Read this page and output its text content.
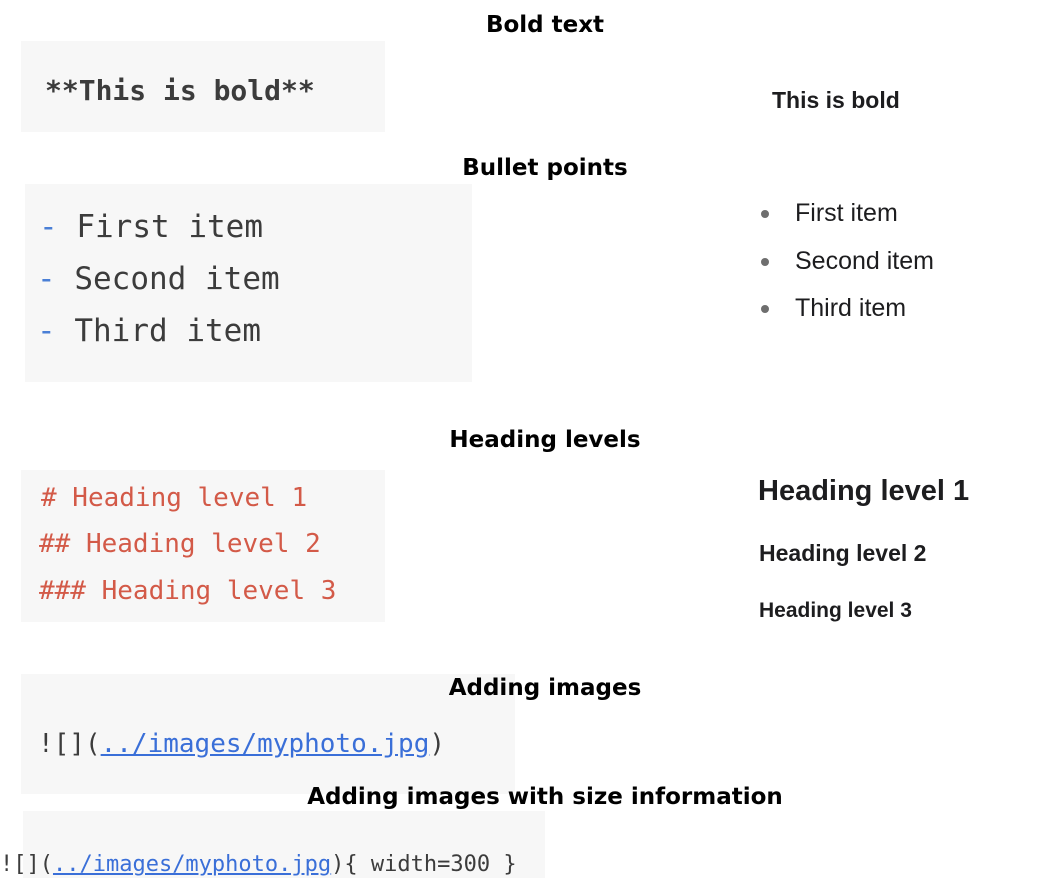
Bold text
**This is bold**	This is bold
Bullet points
- First item
- Second item
- Third item
First item
Second item
Third item
Heading levels
# Heading level 1
## Heading level 2
### Heading level 3
Heading level 1
Heading level 2
Heading level 3
Adding images
![](../images/myphoto.jpg)
Adding images with size information
![](../images/myphoto.jpg){ width=300 }
